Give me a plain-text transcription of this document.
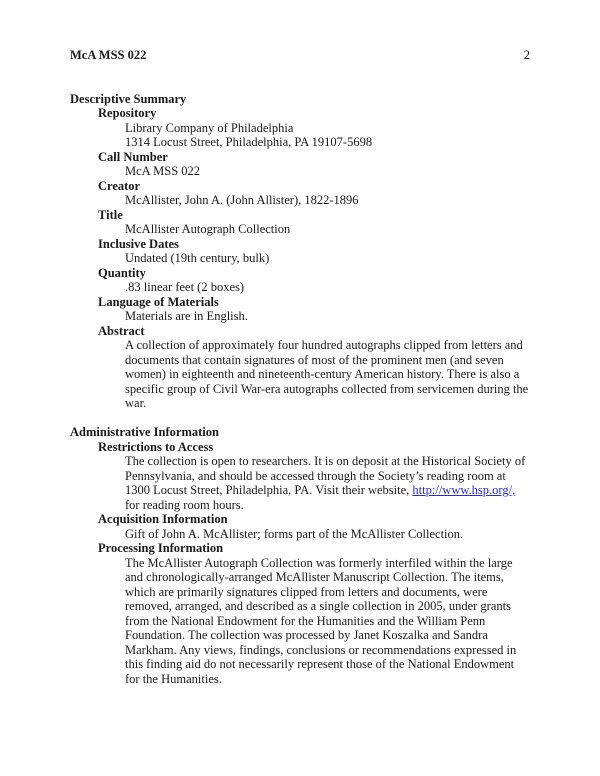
McA MSS 022	2
Descriptive Summary
Repository

Library Company of Philadelphia

1314 Locust Street, Philadelphia, PA 19107-5698

Call Number

McA MSS 022

Creator

McAllister, John A. (John Allister), 1822-1896

Title

McAllister Autograph Collection

Inclusive Dates

Undated (19th century, bulk)

Quantity

.83 linear feet (2 boxes)

Language of Materials

Materials are in English.

Abstract

A collection of approximately four hundred autographs clipped from letters and documents that contain signatures of most of the prominent men (and seven women) in eighteenth and nineteenth-century American history. There is also a specific group of Civil War-era autographs collected from servicemen during the war.

Administrative Information
Restrictions to Access

The collection is open to researchers. It is on deposit at the Historical Society of Pennsylvania, and should be accessed through the Society’s reading room at 1300 Locust Street, Philadelphia, PA. Visit their website, http://www.hsp.org/, for reading room hours.

Acquisition Information

Gift of John A. McAllister; forms part of the McAllister Collection.

Processing Information

The McAllister Autograph Collection was formerly interfiled within the large and chronologically-arranged McAllister Manuscript Collection. The items, which are primarily signatures clipped from letters and documents, were removed, arranged, and described as a single collection in 2005, under grants from the National Endowment for the Humanities and the William Penn Foundation. The collection was processed by Janet Koszalka and Sandra Markham. Any views, findings, conclusions or recommendations expressed in this finding aid do not necessarily represent those of the National Endowment for the Humanities.
